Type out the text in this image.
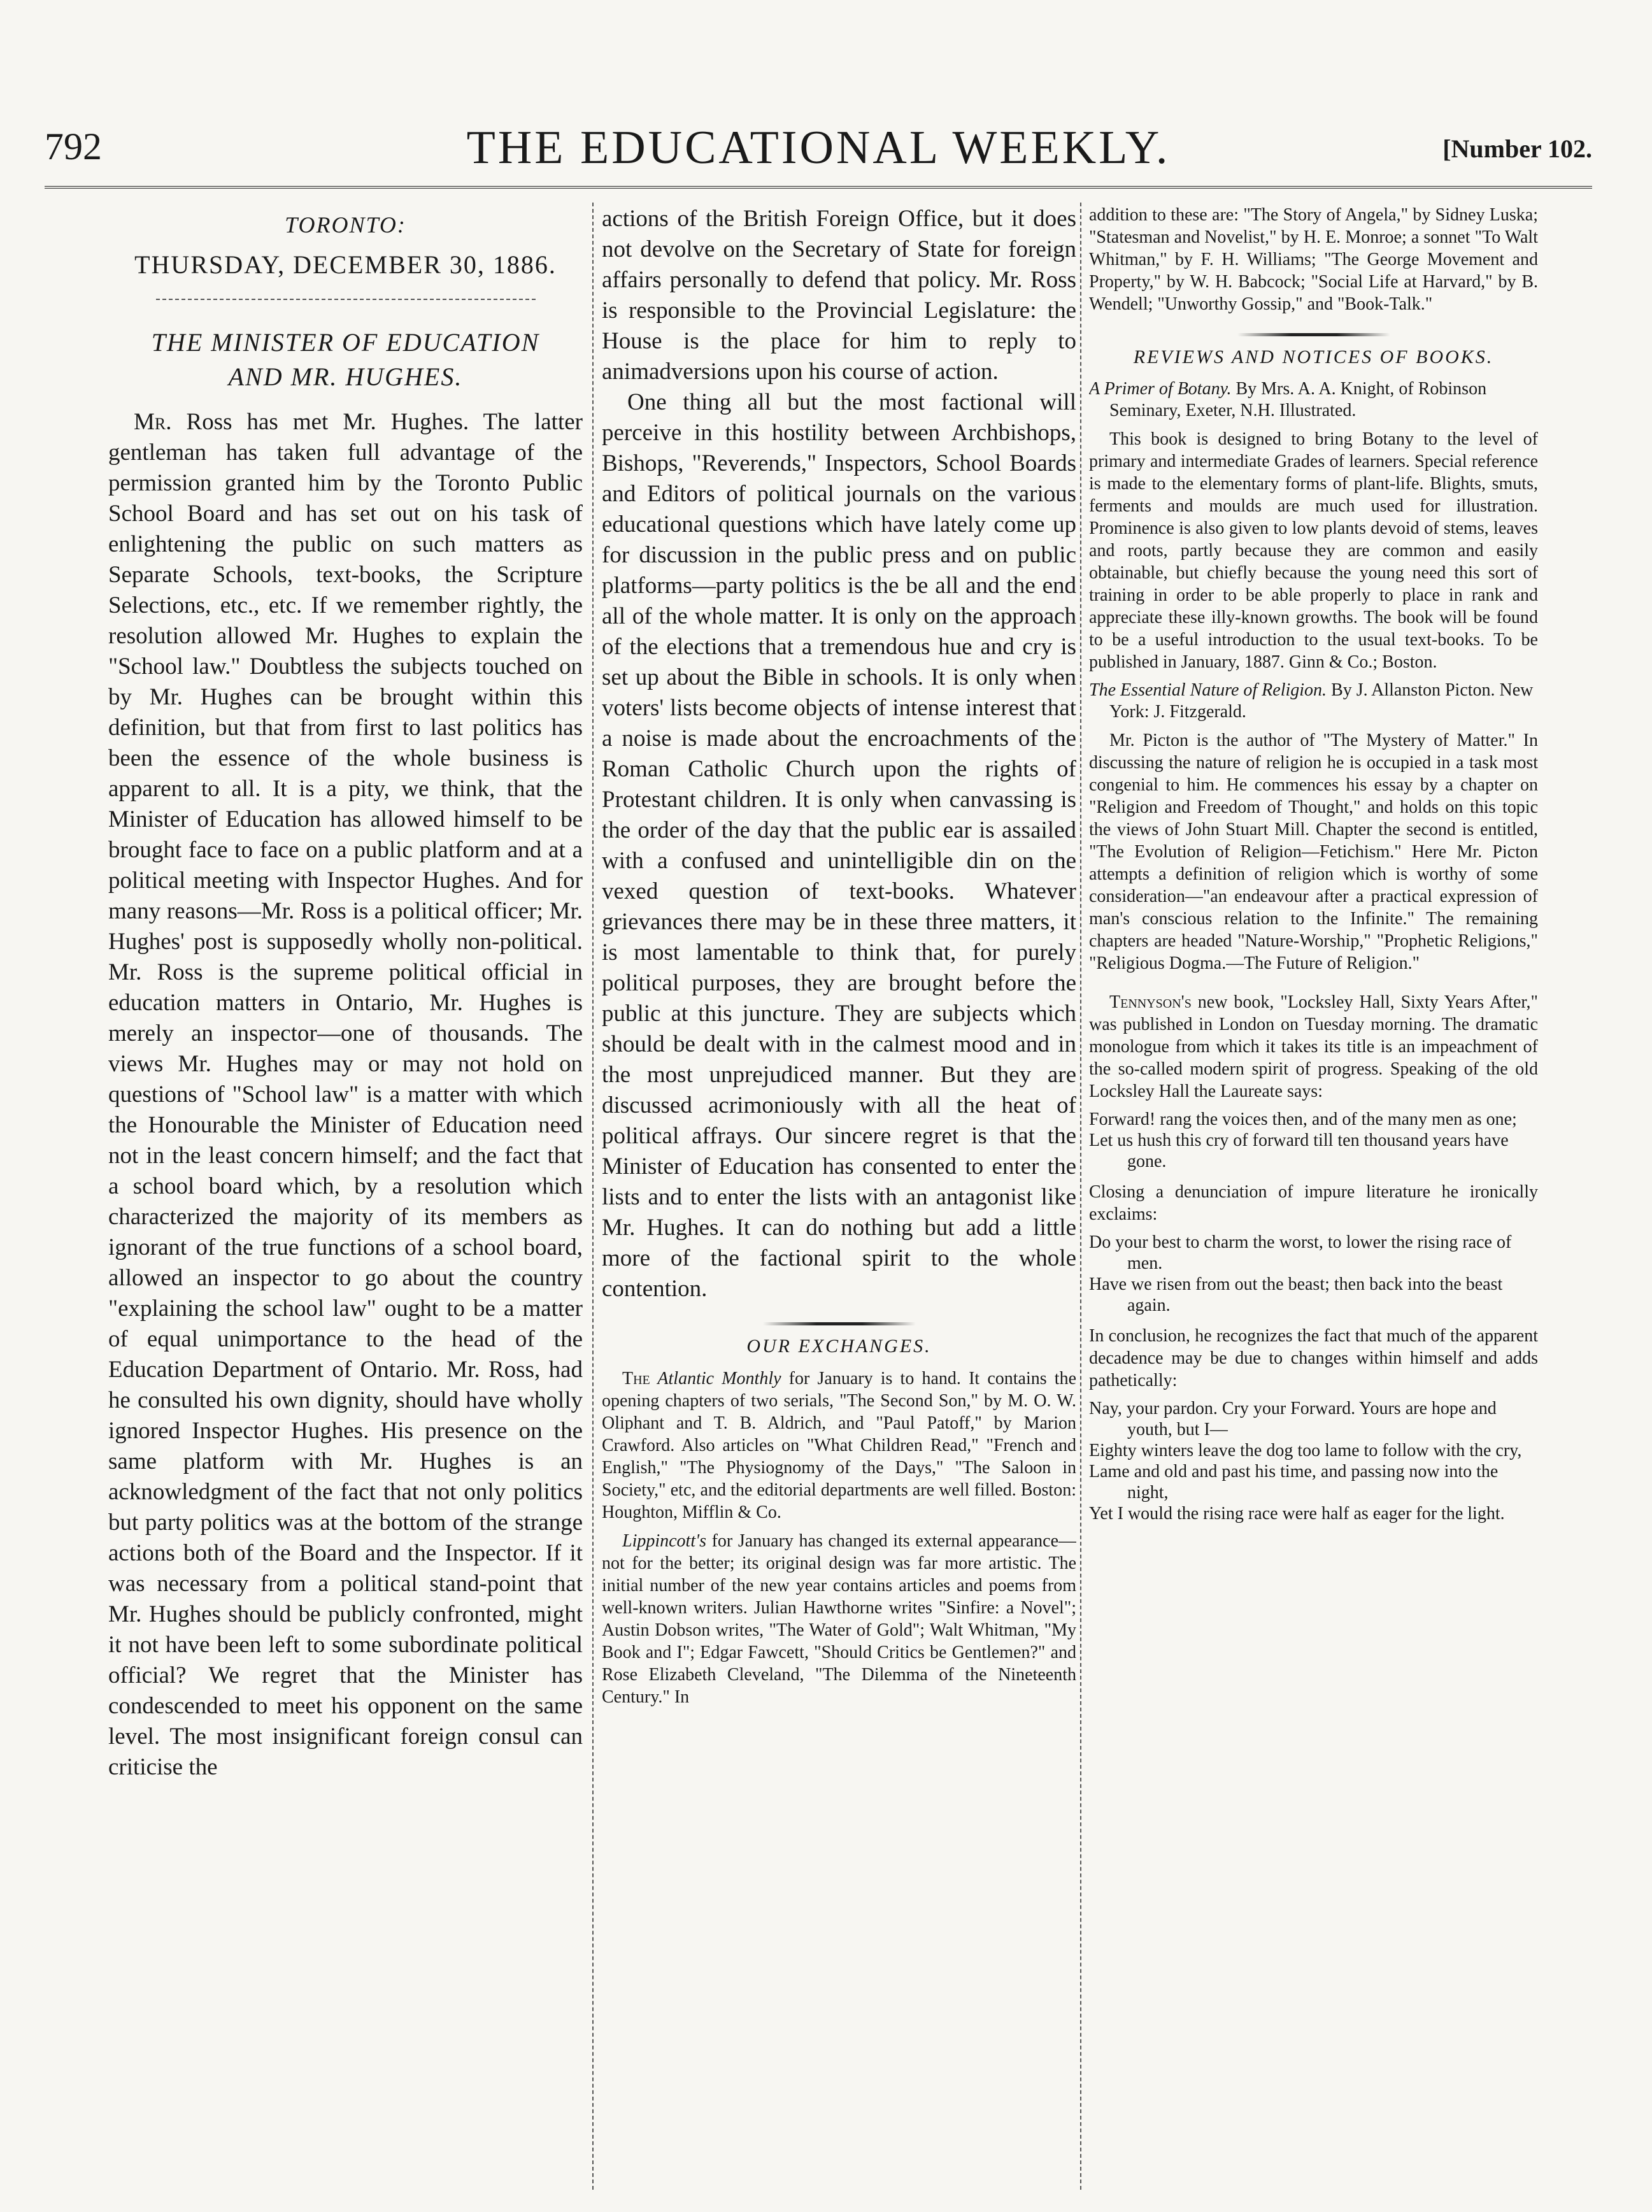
792	THE EDUCATIONAL WEEKLY.	[Number 102.
TORONTO:
THURSDAY, DECEMBER 30, 1886.
THE MINISTER OF EDUCATION
AND MR. HUGHES.

Mr. Ross has met Mr. Hughes. The latter gentleman has taken full advantage of the permission granted him by the Toronto Public School Board and has set out on his task of enlightening the public on such matters as Separate Schools, text-books, the Scripture Selections, etc., etc. If we remember rightly, the resolution allowed Mr. Hughes to explain the "School law." Doubtless the subjects touched on by Mr. Hughes can be brought within this definition, but that from first to last politics has been the essence of the whole business is apparent to all. It is a pity, we think, that the Minister of Education has allowed himself to be brought face to face on a public platform and at a political meeting with Inspector Hughes. And for many reasons—Mr. Ross is a political officer; Mr. Hughes' post is supposedly wholly non-political. Mr. Ross is the supreme political official in education matters in Ontario, Mr. Hughes is merely an inspector—one of thousands. The views Mr. Hughes may or may not hold on questions of "School law" is a matter with which the Honourable the Minister of Education need not in the least concern himself; and the fact that a school board which, by a resolution which characterized the majority of its members as ignorant of the true functions of a school board, allowed an inspector to go about the country "explaining the school law" ought to be a matter of equal unimportance to the head of the Education Department of Ontario. Mr. Ross, had he consulted his own dignity, should have wholly ignored Inspector Hughes. His presence on the same platform with Mr. Hughes is an acknowledgment of the fact that not only politics but party politics was at the bottom of the strange actions both of the Board and the Inspector. If it was necessary from a political stand-point that Mr. Hughes should be publicly confronted, might it not have been left to some subordinate political official? We regret that the Minister has condescended to meet his opponent on the same level. The most insignificant foreign consul can criticise the

actions of the British Foreign Office, but it does not devolve on the Secretary of State for foreign affairs personally to defend that policy. Mr. Ross is responsible to the Provincial Legislature: the House is the place for him to reply to animadversions upon his course of action.

One thing all but the most factional will perceive in this hostility between Archbishops, Bishops, "Reverends," Inspectors, School Boards and Editors of political journals on the various educational questions which have lately come up for discussion in the public press and on public platforms—party politics is the be all and the end all of the whole matter. It is only on the approach of the elections that a tremendous hue and cry is set up about the Bible in schools. It is only when voters' lists become objects of intense interest that a noise is made about the encroachments of the Roman Catholic Church upon the rights of Protestant children. It is only when canvassing is the order of the day that the public ear is assailed with a confused and unintelligible din on the vexed question of text-books. Whatever grievances there may be in these three matters, it is most lamentable to think that, for purely political purposes, they are brought before the public at this juncture. They are subjects which should be dealt with in the calmest mood and in the most unprejudiced manner. But they are discussed acrimoniously with all the heat of political affrays. Our sincere regret is that the Minister of Education has consented to enter the lists and to enter the lists with an antagonist like Mr. Hughes. It can do nothing but add a little more of the factional spirit to the whole contention.

OUR EXCHANGES.

The Atlantic Monthly for January is to hand. It contains the opening chapters of two serials, "The Second Son," by M. O. W. Oliphant and T. B. Aldrich, and "Paul Patoff," by Marion Crawford. Also articles on "What Children Read," "French and English," "The Physiognomy of the Days," "The Saloon in Society," etc, and the editorial departments are well filled. Boston: Houghton, Mifflin & Co.

Lippincott's for January has changed its external appearance—not for the better; its original design was far more artistic. The initial number of the new year contains articles and poems from well-known writers. Julian Hawthorne writes "Sinfire: a Novel"; Austin Dobson writes, "The Water of Gold"; Walt Whitman, "My Book and I"; Edgar Fawcett, "Should Critics be Gentlemen?" and Rose Elizabeth Cleveland, "The Dilemma of the Nineteenth Century." In

addition to these are: "The Story of Angela," by Sidney Luska; "Statesman and Novelist," by H. E. Monroe; a sonnet "To Walt Whitman," by F. H. Williams; "The George Movement and Property," by W. H. Babcock; "Social Life at Harvard," by B. Wendell; "Unworthy Gossip," and "Book-Talk."

REVIEWS AND NOTICES OF BOOKS.
A Primer of Botany. By Mrs. A. A. Knight, of Robinson Seminary, Exeter, N.H. Illustrated.

This book is designed to bring Botany to the level of primary and intermediate Grades of learners. Special reference is made to the elementary forms of plant-life. Blights, smuts, ferments and moulds are much used for illustration. Prominence is also given to low plants devoid of stems, leaves and roots, partly because they are common and easily obtainable, but chiefly because the young need this sort of training in order to be able properly to place in rank and appreciate these illy-known growths. The book will be found to be a useful introduction to the usual text-books. To be published in January, 1887. Ginn & Co.; Boston.

The Essential Nature of Religion. By J. Allanston Picton. New York: J. Fitzgerald.

Mr. Picton is the author of "The Mystery of Matter." In discussing the nature of religion he is occupied in a task most congenial to him. He commences his essay by a chapter on "Religion and Freedom of Thought," and holds on this topic the views of John Stuart Mill. Chapter the second is entitled, "The Evolution of Religion—Fetichism." Here Mr. Picton attempts a definition of religion which is worthy of some consideration—"an endeavour after a practical expression of man's conscious relation to the Infinite." The remaining chapters are headed "Nature-Worship," "Prophetic Religions," "Religious Dogma.—The Future of Religion."

Tennyson's new book, "Locksley Hall, Sixty Years After," was published in London on Tuesday morning. The dramatic monologue from which it takes its title is an impeachment of the so-called modern spirit of progress. Speaking of the old Locksley Hall the Laureate says:

Forward! rang the voices then, and of the many men as one;
Let us hush this cry of forward till ten thousand years have gone.

Closing a denunciation of impure literature he ironically exclaims:

Do your best to charm the worst, to lower the rising race of men.
Have we risen from out the beast; then back into the beast again.

In conclusion, he recognizes the fact that much of the apparent decadence may be due to changes within himself and adds pathetically:

Nay, your pardon. Cry your Forward. Yours are hope and youth, but I—
Eighty winters leave the dog too lame to follow with the cry,
Lame and old and past his time, and passing now into the night,
Yet I would the rising race were half as eager for the light.
